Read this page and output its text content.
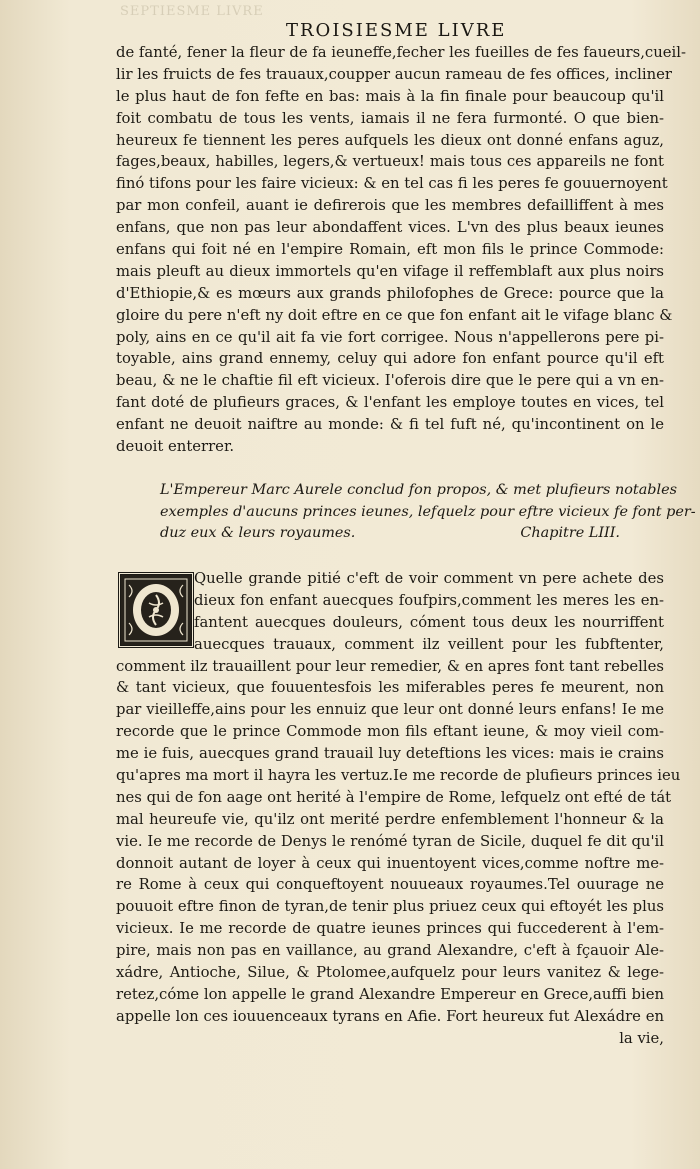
SEPTIESME LIVRE
TROISIESME LIVRE
de fanté, fener la fleur de fa ieuneffe,fecher les fueilles de fes faueurs,cueil-
lir les fruicts de fes trauaux,coupper aucun rameau de fes offices, incliner
le plus haut de fon fefte en bas: mais à la fin finale pour beaucoup qu'il
foit combatu de tous les vents, iamais il ne fera furmonté. O que bien-
heureux fe tiennent les peres aufquels les dieux ont donné enfans aguz,
fages,beaux, habilles, legers,& vertueux! mais tous ces appareils ne font
finó tifons pour les faire vicieux: & en tel cas fi les peres fe gouuernoyent
par mon confeil, auant ie defirerois que les membres defailliffent à mes
enfans, que non pas leur abondaffent vices. L'vn des plus beaux ieunes
enfans qui foit né en l'empire Romain, eft mon fils le prince Commode:
mais pleuft au dieux immortels qu'en vifage il reffemblaft aux plus noirs
d'Ethiopie,& es mœurs aux grands philofophes de Grece: pource que la
gloire du pere n'eft ny doit eftre en ce que fon enfant ait le vifage blanc &
poly, ains en ce qu'il ait fa vie fort corrigee. Nous n'appellerons pere pi-
toyable, ains grand ennemy, celuy qui adore fon enfant pource qu'il eft
beau, & ne le chaftie fil eft vicieux. I'oferois dire que le pere qui a vn en-
fant doté de plufieurs graces, & l'enfant les employe toutes en vices, tel
enfant ne deuoit naiftre au monde: & fi tel fuft né, qu'incontinent on le
deuoit enterrer.
L'Empereur Marc Aurele conclud fon propos, & met plufieurs notables
exemples d'aucuns princes ieunes, lefquelz pour eftre vicieux fe font per-
duz eux & leurs royaumes.	Chapitre LIII.
Quelle grande pitié c'eft de voir comment vn pere achete des
dieux fon enfant auecques foufpirs,comment les meres les en-
fantent auecques douleurs, cóment tous deux les nourriffent
auecques trauaux, comment ilz veillent pour les fubftenter,
comment ilz trauaillent pour leur remedier, & en apres font tant rebelles
& tant vicieux, que fouuentesfois les miferables peres fe meurent, non
par vieilleffe,ains pour les ennuiz que leur ont donné leurs enfans! Ie me
recorde que le prince Commode mon fils eftant ieune, & moy vieil com-
me ie fuis, auecques grand trauail luy deteftions les vices: mais ie crains
qu'apres ma mort il hayra les vertuz.Ie me recorde de plufieurs princes ieu
nes qui de fon aage ont herité à l'empire de Rome, lefquelz ont efté de tát
mal heureufe vie, qu'ilz ont merité perdre enfemblement l'honneur & la
vie. Ie me recorde de Denys le renómé tyran de Sicile, duquel fe dit qu'il
donnoit autant de loyer à ceux qui inuentoyent vices,comme noftre me-
re Rome à ceux qui conqueftoyent nouueaux royaumes.Tel ouurage ne
pouuoit eftre finon de tyran,de tenir plus priuez ceux qui eftoyét les plus
vicieux. Ie me recorde de quatre ieunes princes qui fuccederent à l'em-
pire, mais non pas en vaillance, au grand Alexandre, c'eft à fçauoir Ale-
xádre, Antioche, Silue, & Ptolomee,aufquelz pour leurs vanitez & lege-
retez,cóme lon appelle le grand Alexandre Empereur en Grece,auffi bien
appelle lon ces iouuenceaux tyrans en Afie. Fort heureux fut Alexádre en
la vie,
